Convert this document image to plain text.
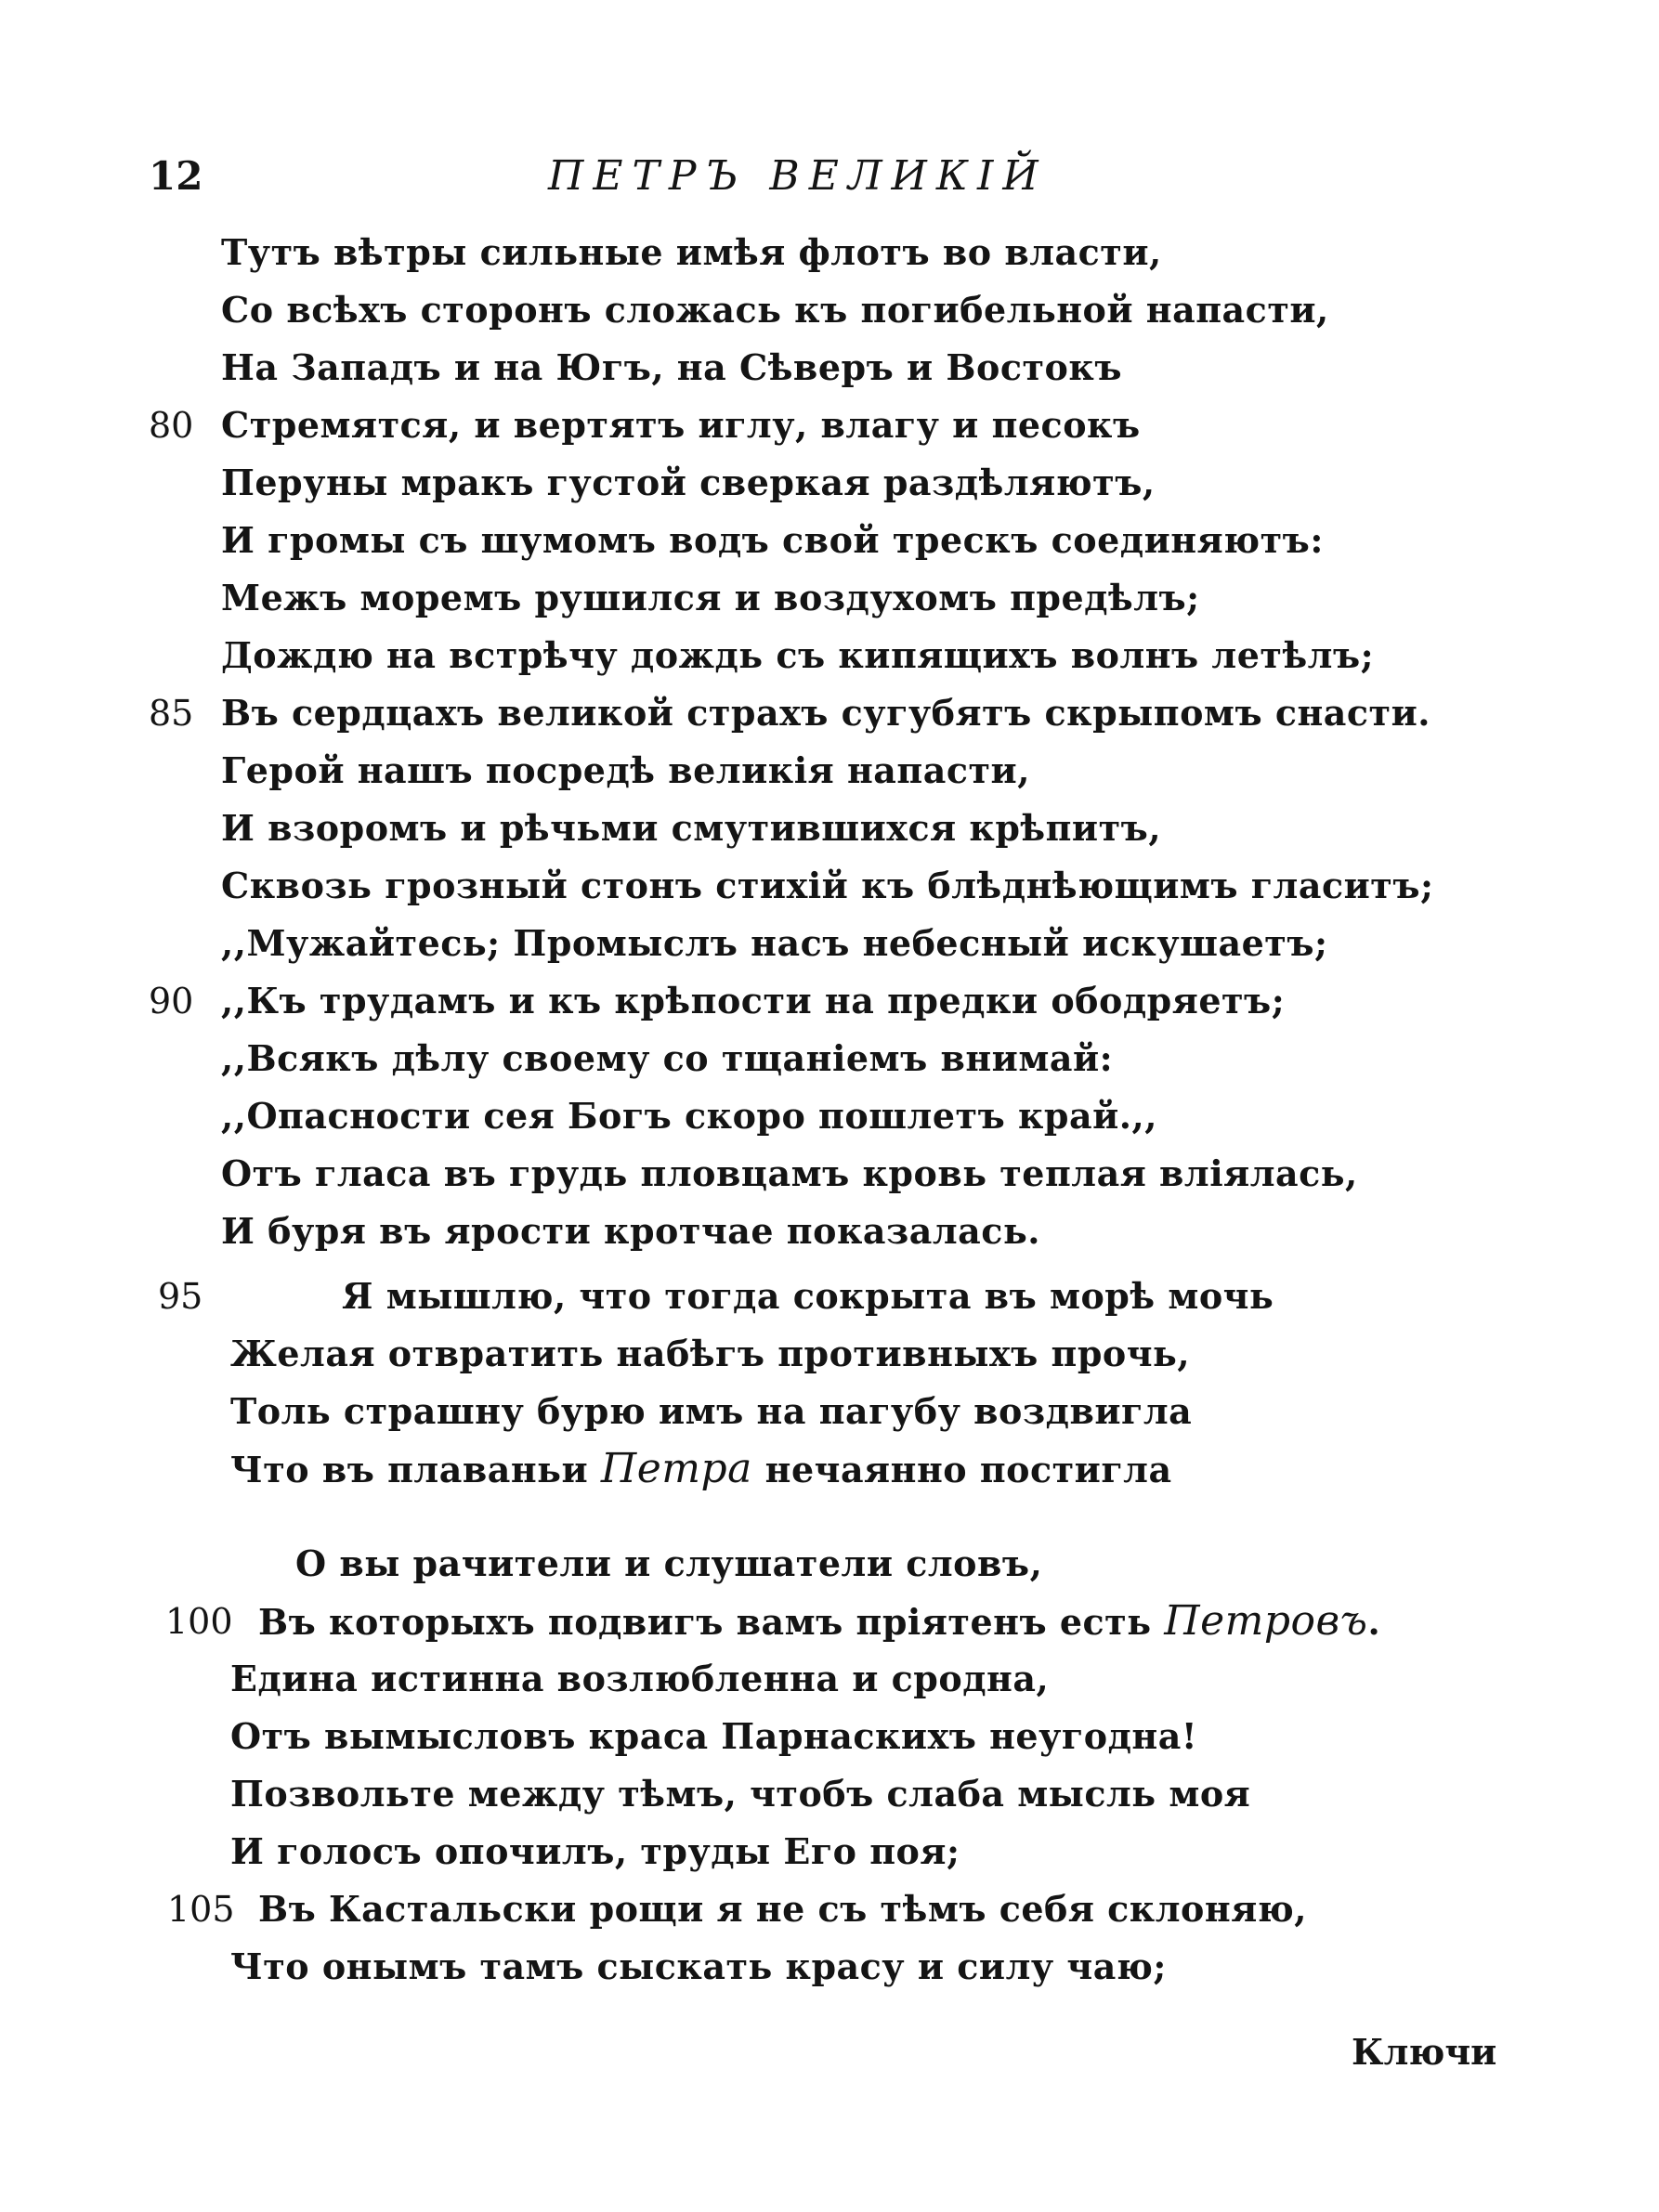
12	ПЕТРЪ ВЕЛИКІЙ
Тутъ вѣтры сильные имѣя флотъ во власти,
Со всѣхъ сторонъ сложась къ погибельной напасти,
На Западъ и на Югъ, на Сѣверъ и Востокъ
80 Стремятся, и вертятъ иглу, влагу и песокъ
Перуны мракъ густой сверкая раздѣляютъ,
И громы съ шумомъ водъ свой трескъ соединяютъ:
Межъ моремъ рушился и воздухомъ предѣлъ;
Дождю на встрѣчу дождь съ кипящихъ волнъ летѣлъ;
85 Въ сердцахъ великой страхъ сугубятъ скрыпомъ снасти.
Герой нашъ посредѣ великія напасти,
И взоромъ и рѣчьми смутившихся крѣпитъ,
Сквозь грозный стонъ стихій къ блѣднѣющимъ гласитъ;
,,Мужайтесь; Промыслъ насъ небесный искушаетъ;
90 ,,Къ трудамъ и къ крѣпости на предки ободряетъ;
,,Всякъ дѣлу своему со тщаніемъ внимай:
,,Опасности сея Богъ скоро пошлетъ край.,,
Отъ гласа въ грудь пловцамъ кровь теплая вліялась,
И буря въ ярости кротчае показалась.
95	Я мышлю, что тогда сокрыта въ морѣ мочь
Желая отвратить набѣгъ противныхъ прочь,
Толь страшну бурю имъ на пагубу воздвигла
Что въ плаваньи Петра нечаянно постигла
О вы рачители и слушатели словъ,
100 Въ которыхъ подвигъ вамъ пріятенъ есть Петровъ.
Едина истинна возлюбленна и сродна,
Отъ вымысловъ краса Парнаскихъ неугодна!
Позвольте между тѣмъ, чтобъ слаба мысль моя
И голосъ опочилъ, труды Его поя;
105 Въ Кастальски рощи я не съ тѣмъ себя склоняю,
Что онымъ тамъ сыскать красу и силу чаю;
Ключи
